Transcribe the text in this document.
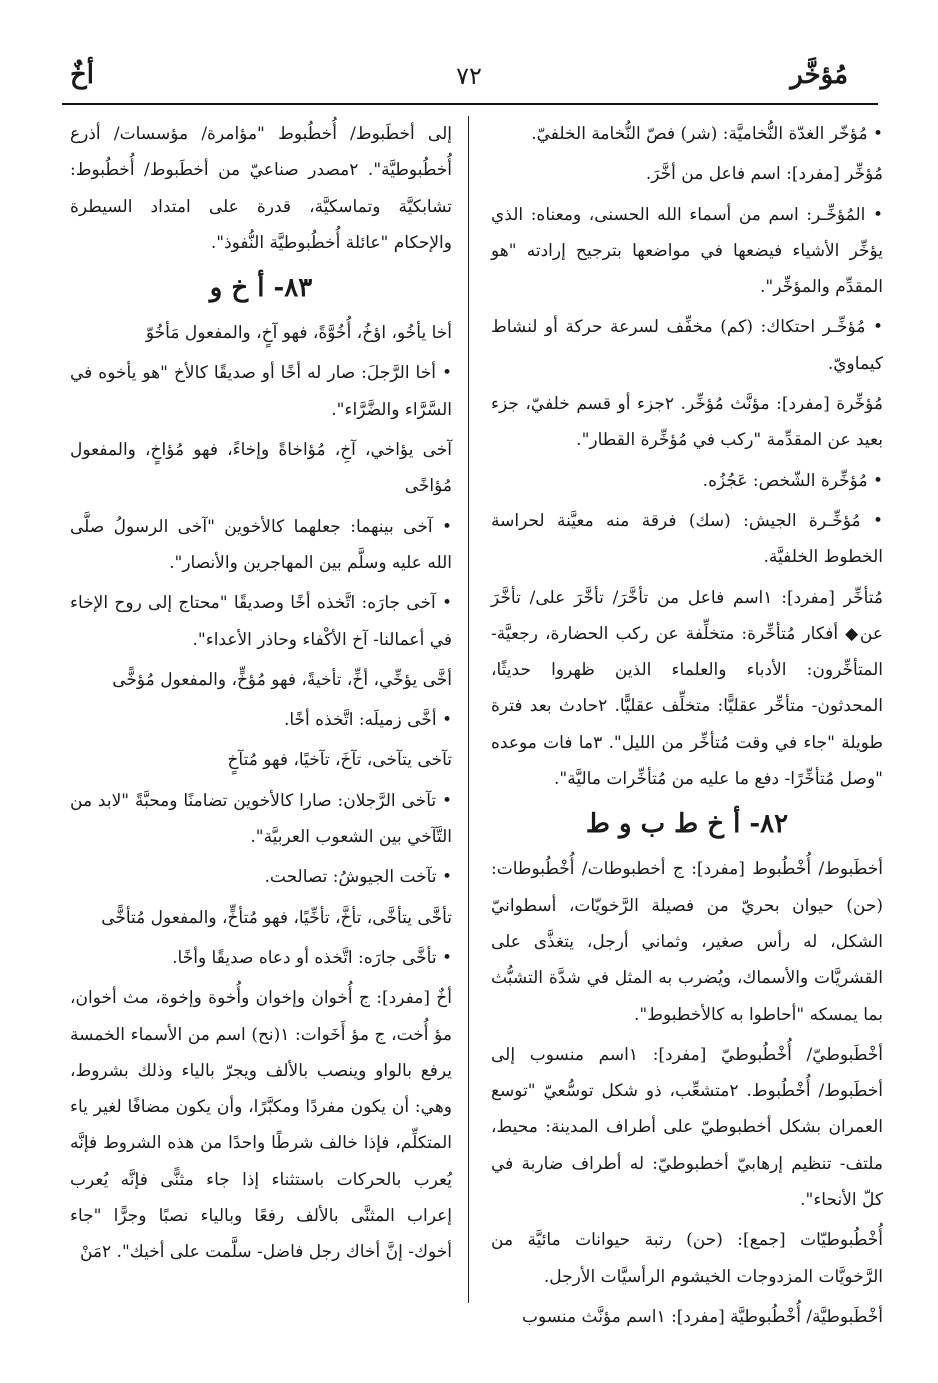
مُؤخَّر
٧٢
أخٌ

• مُؤخّر الغدّة النُّخاميَّة: (شر) فصّ النُّخامة الخلفيّ.

مُؤخِّر [مفرد]: اسم فاعل من أخَّرَ.

• المُؤخِّـر: اسم من أسماء الله الحسنى، ومعناه: الذي يؤخِّر الأشياء فيضعها في مواضعها بترجيح إرادته "هو المقدِّم والمؤخِّر".

• مُؤخِّـر احتكاك: (كم) مخفِّف لسرعة حركة أو لنشاط كيماويّ.

مُؤخِّرة [مفرد]: مؤنَّث مُؤخِّر. ٢جزء أو قسم خلفيّ، جزء بعيد عن المقدِّمة "ركب في مُؤخِّرة القطار".

• مُؤخِّرة الشّخص: عَجُزُه.

• مُؤخِّـرة الجيش: (سك) فرقة منه معيَّنة لحراسة الخطوط الخلفيَّة.

مُتأخِّر [مفرد]: ١اسم فاعل من تأخَّرَ/ تأخَّرَ على/ تأخَّرَ عن◆ أفكار مُتأخِّرة: متخلِّفة عن ركب الحضارة، رجعيَّة- المتأخِّرون: الأدباء والعلماء الذين ظهروا حديثًا، المحدثون- متأخِّر عقليًّا: متخلِّف عقليًّا. ٢حادث بعد فترة طويلة "جاء في وقت مُتأخِّر من الليل". ٣ما فات موعده "وصل مُتأخِّرًا- دفع ما عليه من مُتأخِّرات ماليَّة".

٨٢- أ خ ط ب و ط

أخطَبوط/ أُخْطُبوط [مفرد]: ج أخطبوطات/ أُخْطُبوطات: (حن) حيوان بحريّ من فصيلة الرَّخويّات، أسطوانيّ الشكل، له رأس صغير، وثماني أرجل، يتغذَّى على القشريَّات والأسماك، ويُضرب به المثل في شدَّة التشبُّث بما يمسكه "أحاطوا به كالأخطبوط".

أخْطَبوطيّ/ أُخْطُبوطيّ [مفرد]: ١اسم منسوب إلى أخطَبوط/ أُخْطُبوط. ٢متشعِّب، ذو شكل توسُّعيّ "توسع العمران بشكل أخطبوطيّ على أطراف المدينة: محيط، ملتف- تنظيم إرهابيّ أخطبوطيّ: له أطراف ضاربة في كلّ الأنحاء".

أُخْطُبوطيّات [جمع]: (حن) رتبة حيوانات مائيَّة من الرَّخويَّات المزدوجات الخيشوم الرأسيَّات الأرجل.

أخْطَبوطيَّة/ أُخْطُبوطيَّة [مفرد]: ١اسم مؤنَّث منسوب

إلى أخطَبوط/ أُخطُبوط "مؤامرة/ مؤسسات/ أذرع أُخطُبوطيَّة". ٢مصدر صناعيّ من أخطَبوط/ أُخطُبوط: تشابكيَّة وتماسكيَّة، قدرة على امتداد السيطرة والإحكام "عائلة أُخطُبوطيَّة النُّفوذ".

٨٣- أ خ و

أخا يأخُو، اؤخُ، أُخُوَّةً، فهو آخٍ، والمفعول مَأخُوّ

• أخا الرَّجلَ: صار له أخًا أو صديقًا كالأخ "هو يأخوه في السَّرَّاء والضَّرَّاء".

آخى يؤاخي، آخِ، مُؤاخاةً وإخاءً، فهو مُؤاخٍ، والمفعول مُؤاخًى

• آخى بينهما: جعلهما كالأخوين "آخى الرسولُ صلَّى الله عليه وسلَّم بين المهاجرين والأنصار".

• آخى جارَه: اتَّخذه أخًا وصديقًا "محتاج إلى روح الإخاء في أعمالنا- آخ الأكْفاء وحاذر الأعداء".

أخَّى يؤخِّي، أخِّ، تأخيةً، فهو مُؤخٍّ، والمفعول مُؤخًّى

• أخَّى زميلَه: اتَّخذه أخًا.

تآخى يتآخى، تآخَ، تآخيًا، فهو مُتآخٍ

• تآخى الرَّجلان: صارا كالأخوين تضامنًا ومحبَّةً "لابد من التَّآخي بين الشعوب العربيَّة".

• تآخت الجيوشُ: تصالحت.

تأخَّى يتأخَّى، تأخَّ، تأخِّيًا، فهو مُتأخٍّ، والمفعول مُتأخًّى

• تأخَّى جارَه: اتَّخذه أو دعاه صديقًا وأخًا.

أخٌ [مفرد]: ج أُخوان وإخوان وأُخوة وإخوة، مث أخوان، مؤ أُخت، ج مؤ أَخَوات: ١(نح) اسم من الأسماء الخمسة يرفع بالواو وينصب بالألف ويجرّ بالياء وذلك بشروط، وهي: أن يكون مفردًا ومكبَّرًا، وأن يكون مضافًا لغير ياء المتكلِّم، فإذا خالف شرطًا واحدًا من هذه الشروط فإنَّه يُعرب بالحركات باستثناء إذا جاء مثنًّى فإنَّه يُعرب إعراب المثنَّى بالألف رفعًا وبالياء نصبًا وجرًّا "جاء أخوك- إنَّ أخاك رجل فاضل- سلَّمت على أخيك". ٢مَنْ
